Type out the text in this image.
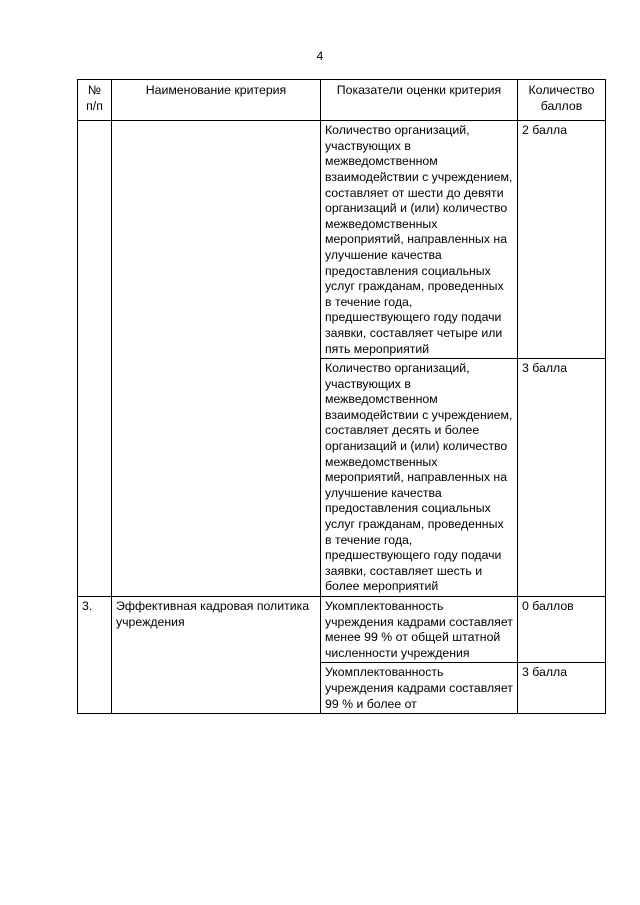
4
№ п/п	Наименование критерия	Показатели оценки критерия	Количество баллов
		Количество организаций, участвующих в межведомственном взаимодействии с учреждением, составляет от шести до девяти организаций и (или) количество межведомственных мероприятий, направленных на улучшение качества предоставления социальных услуг гражданам, проведенных в течение года, предшествующего году подачи заявки, составляет четыре или пять мероприятий	2 балла
		Количество организаций, участвующих в межведомственном взаимодействии с учреждением, составляет десять и более организаций и (или) количество межведомственных мероприятий, направленных на улучшение качества предоставления социальных услуг гражданам, проведенных в течение года, предшествующего году подачи заявки, составляет шесть и более мероприятий	3 балла
3.	Эффективная кадровая политика учреждения	Укомплектованность учреждения кадрами составляет менее 99 % от общей штатной численности учреждения	0 баллов
		Укомплектованность учреждения кадрами составляет 99 % и более от	3 балла
